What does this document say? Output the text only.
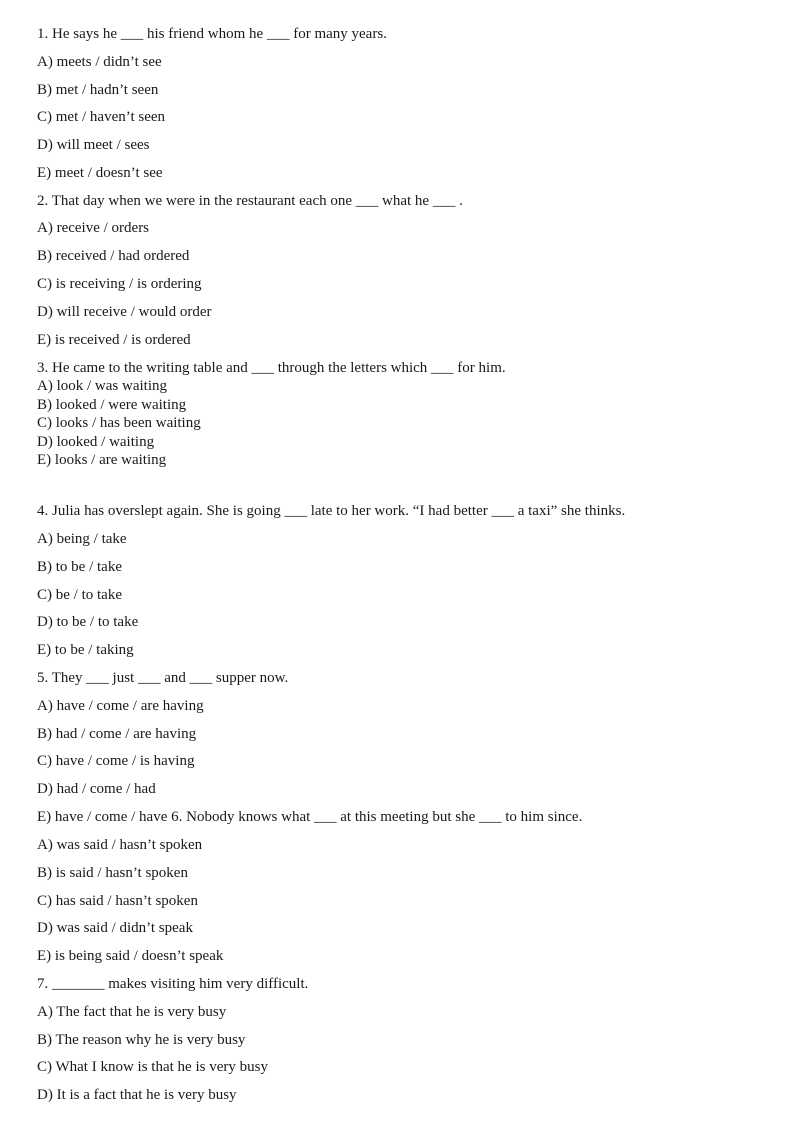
1. He says he ___ his friend whom he ___ for many years.
A) meets / didn’t see
B) met / hadn’t seen
C) met / haven’t seen
D) will meet / sees
E) meet / doesn’t see
2. That day when we were in the restaurant each one ___ what he ___ .
A) receive / orders
B) received / had ordered
C) is receiving / is ordering
D) will receive / would order
E) is received / is ordered
3. He came to the writing table and ___ through the letters which ___ for him.
A) look / was waiting
B) looked / were waiting
C) looks / has been waiting
D) looked / waiting
E) looks / are waiting
4. Julia has overslept again. She is going ___ late to her work. “I had better ___ a taxi” she thinks.
A) being / take
B) to be / take
C) be / to take
D) to be / to take
E) to be / taking
5. They ___ just ___ and ___ supper now.
A) have / come / are having
B) had / come / are having
C) have / come / is having
D) had / come / had
E) have / come / have 6. Nobody knows what ___ at this meeting but she ___ to him since.
A) was said / hasn’t spoken
B) is said / hasn’t spoken
C) has said / hasn’t spoken
D) was said / didn’t speak
E) is being said / doesn’t speak
7. _______ makes visiting him very difficult.
A) The fact that he is very busy
B) The reason why he is very busy
C) What I know is that he is very busy
D) It is a fact that he is very busy
